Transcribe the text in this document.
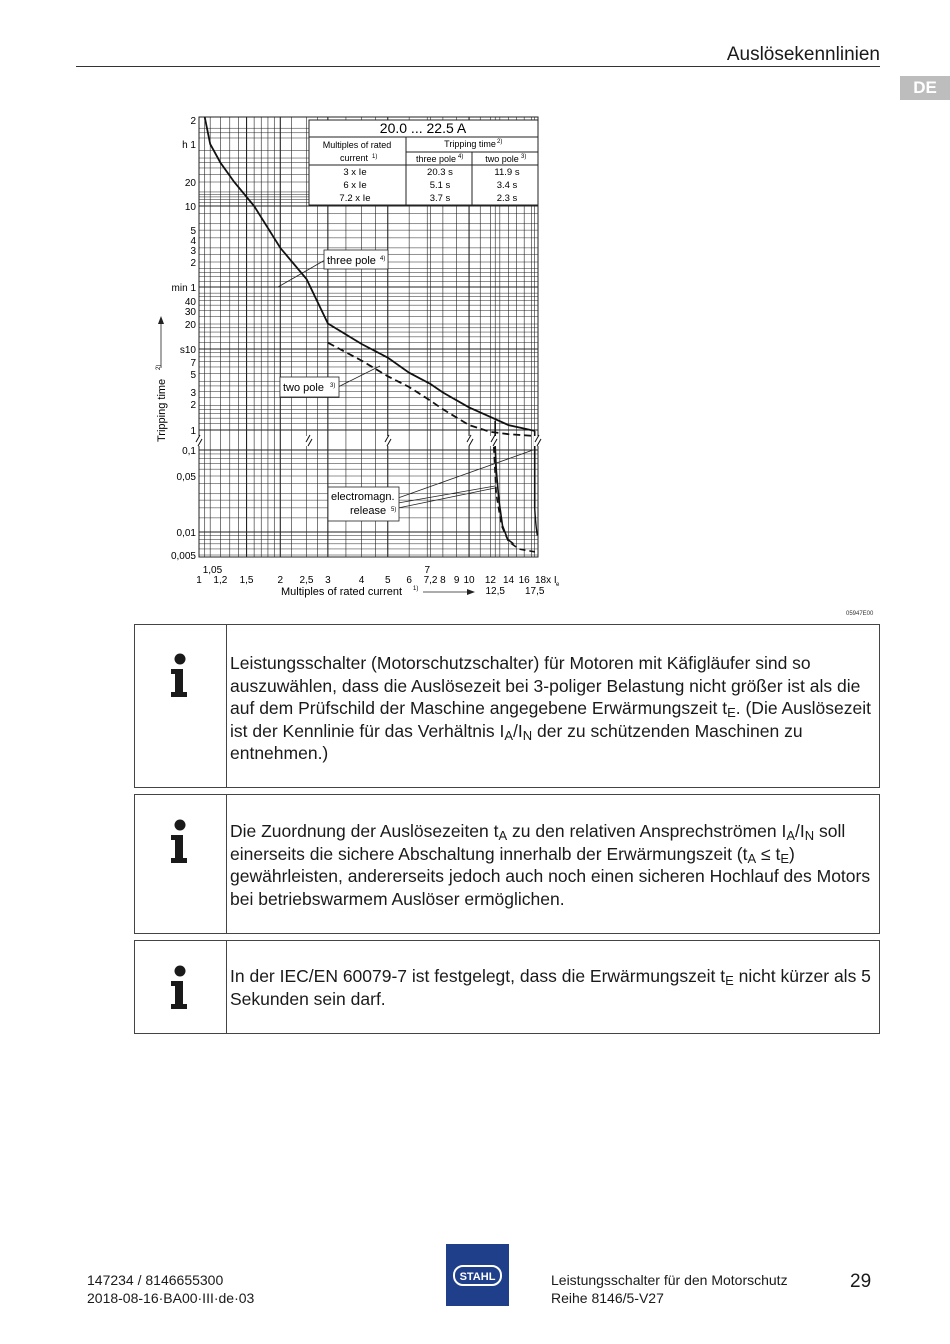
Auslösekennlinien
DE
20.0 ... 22.5 A
Multiples of rated
current 1)
Tripping time 2)
three pole 4) two pole 3)
3 x Ie	20.3 s	11.9 s
6 x Ie	5.1 s	3.4 s
7.2 x Ie	3.7 s	2.3 s
three pole 4)
two pole 3)
electromagn.
release 5)
2
h 1
20
10
5
4
3
2
min 1
40
30
20
s10
7
5
3
2
1
0,1
0,05
0,01
0,005
1 1,2 1,5 2 2,5 3	4 5 6 7,2 8 9 10 12 14 16 18x I
1,05	7
12,5 17,5
Tripping time
2)
Multiples of rated current 1)
e
05947E00
Leistungsschalter (Motorschutzschalter) für Motoren mit Käfigläufer sind so auszuwählen, dass die Auslösezeit bei 3-poliger Belastung nicht größer ist als die auf dem Prüfschild der Maschine angegebene Erwärmungszeit $t_E$. (Die Auslösezeit ist der Kennlinie für das Verhältnis $I_A/I_N$ der zu schützenden Maschinen zu entnehmen.)
Die Zuordnung der Auslösezeiten $t_A$ zu den relativen Ansprechströmen $I_A/I_N$ soll einerseits die sichere Abschaltung innerhalb der Erwärmungszeit $(t_A \le t_E)$ gewährleisten, andererseits jedoch auch noch einen sicheren Hochlauf des Motors bei betriebswarmem Auslöser ermöglichen.
In der IEC/EN 60079-7 ist festgelegt, dass die Erwärmungszeit $t_E$ nicht kürzer als 5 Sekunden sein darf.
147234 / 8146655300
2018-08-16·BA00·III·de·03
STAHL	Leistungsschalter für den Motorschutz
Reihe 8146/5-V27
29
